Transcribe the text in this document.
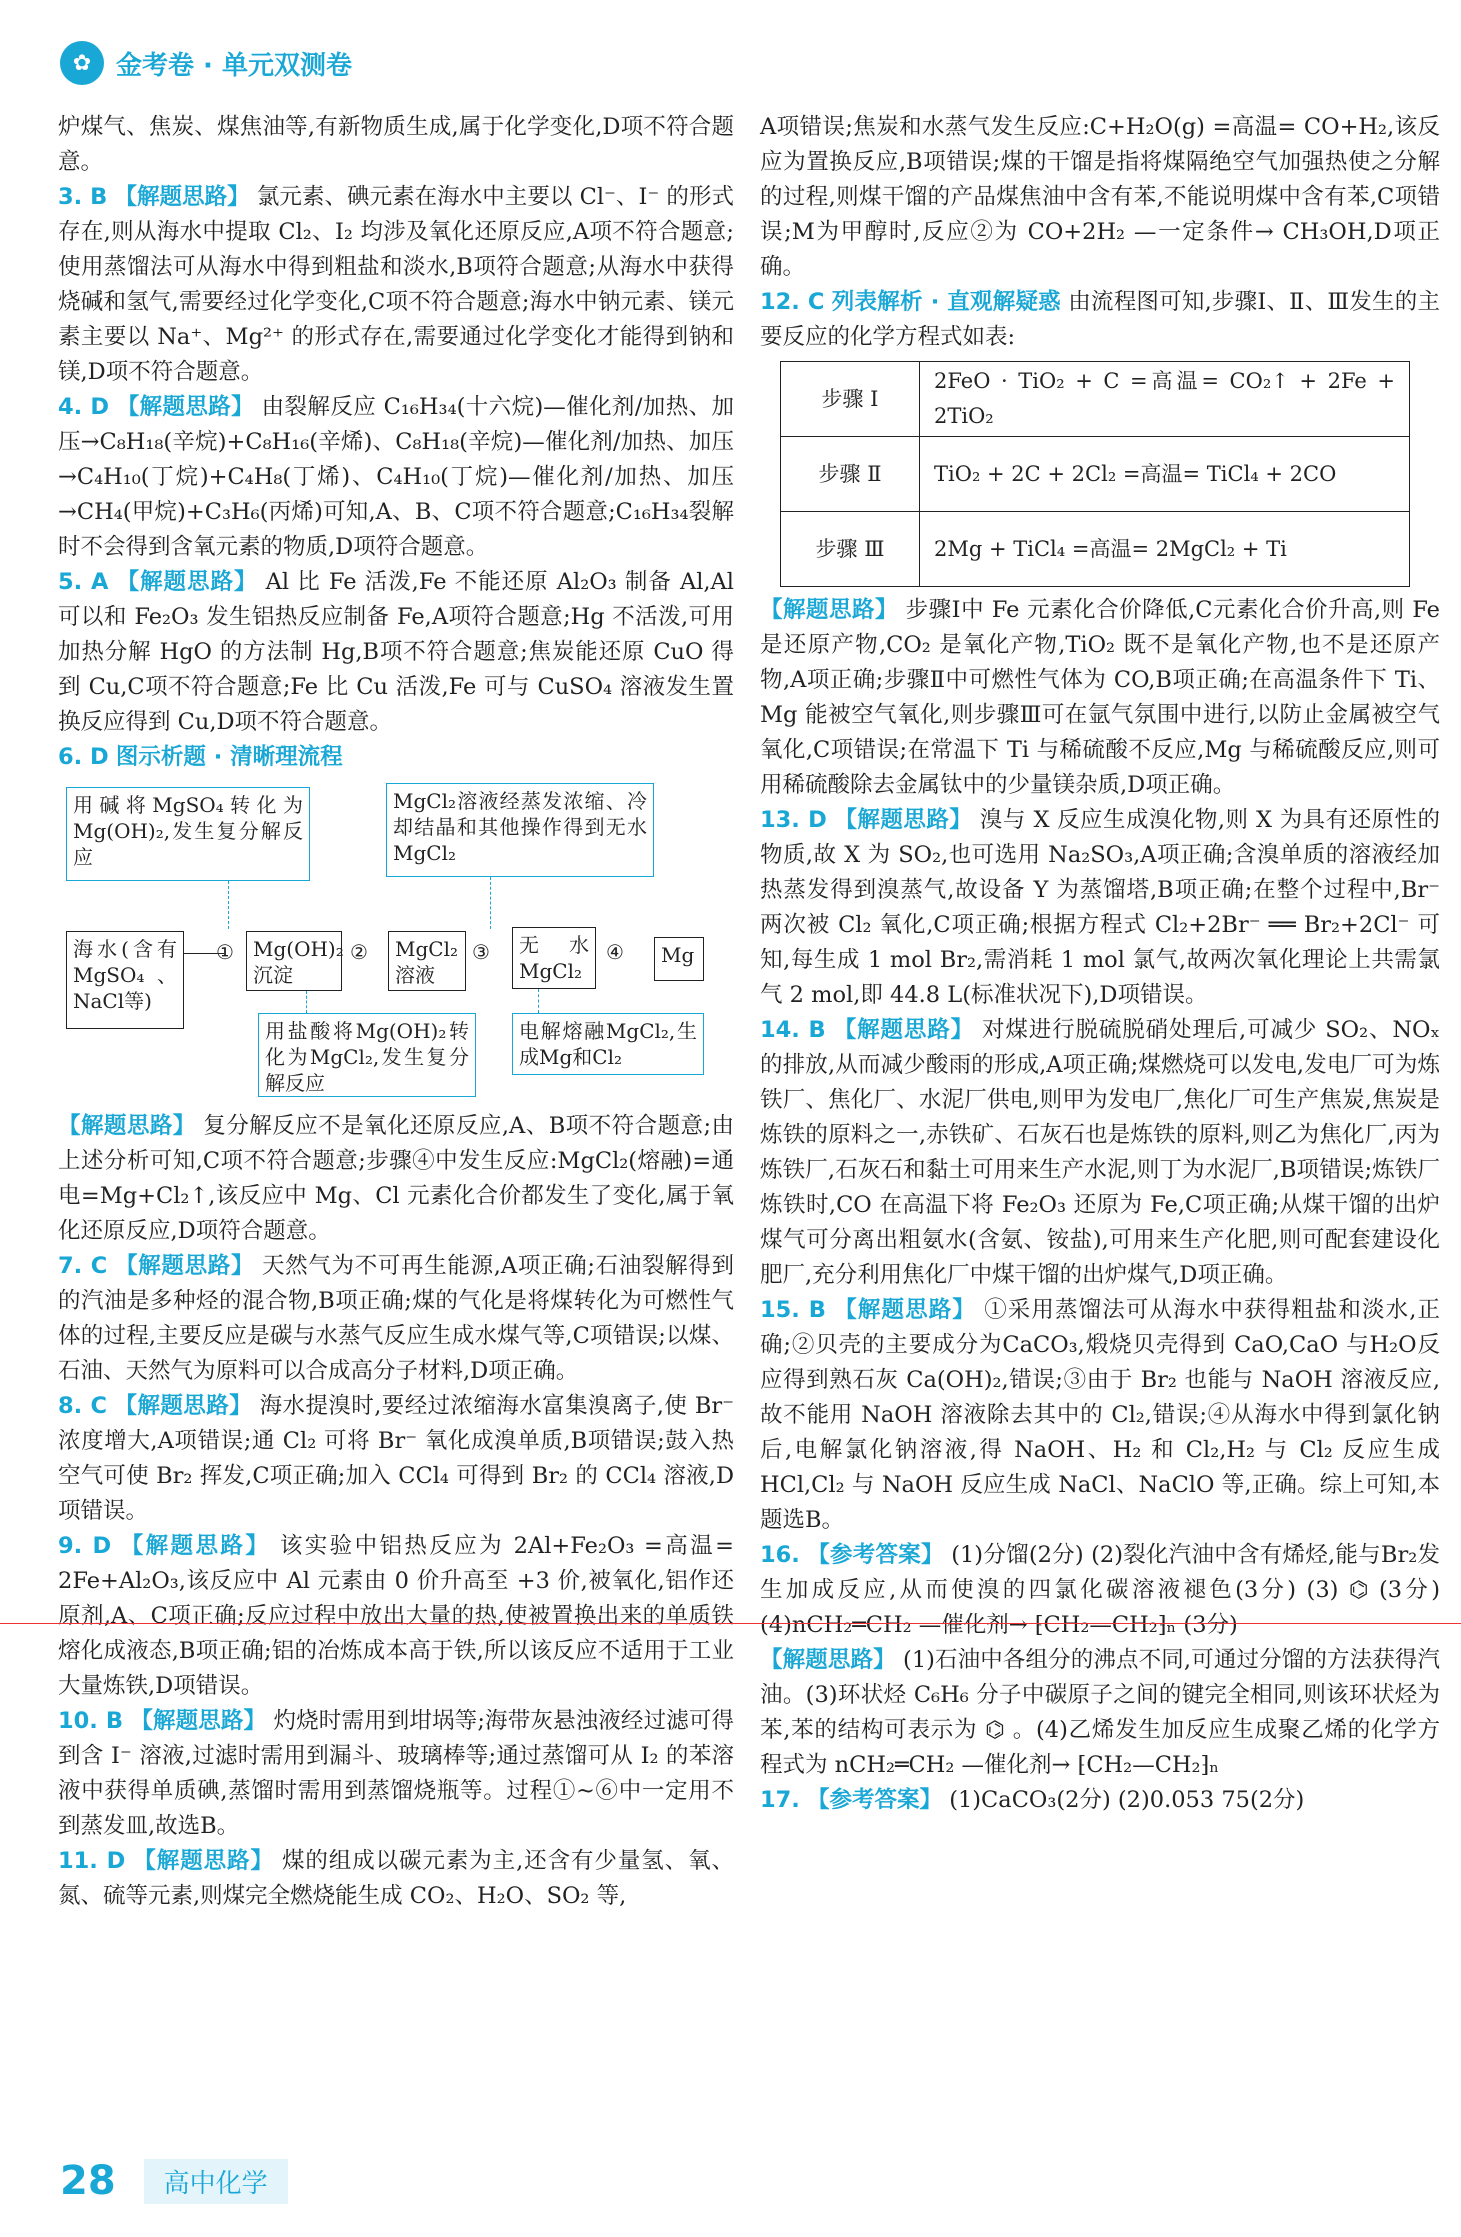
✿ 金考卷 · 单元双测卷

炉煤气、焦炭、煤焦油等,有新物质生成,属于化学变化,D项不符合题意。

3. B 【解题思路】 氯元素、碘元素在海水中主要以 Cl⁻、I⁻ 的形式存在,则从海水中提取 Cl₂、I₂ 均涉及氧化还原反应,A项不符合题意;使用蒸馏法可从海水中得到粗盐和淡水,B项符合题意;从海水中获得烧碱和氢气,需要经过化学变化,C项不符合题意;海水中钠元素、镁元素主要以 Na⁺、Mg²⁺ 的形式存在,需要通过化学变化才能得到钠和镁,D项不符合题意。

4. D 【解题思路】 由裂解反应 C₁₆H₃₄(十六烷)—催化剂/加热、加压→C₈H₁₈(辛烷)+C₈H₁₆(辛烯)、C₈H₁₈(辛烷)—催化剂/加热、加压→C₄H₁₀(丁烷)+C₄H₈(丁烯)、C₄H₁₀(丁烷)—催化剂/加热、加压→CH₄(甲烷)+C₃H₆(丙烯)可知,A、B、C项不符合题意;C₁₆H₃₄裂解时不会得到含氧元素的物质,D项符合题意。

5. A 【解题思路】 Al 比 Fe 活泼,Fe 不能还原 Al₂O₃ 制备 Al,Al 可以和 Fe₂O₃ 发生铝热反应制备 Fe,A项符合题意;Hg 不活泼,可用加热分解 HgO 的方法制 Hg,B项不符合题意;焦炭能还原 CuO 得到 Cu,C项不符合题意;Fe 比 Cu 活泼,Fe 可与 CuSO₄ 溶液发生置换反应得到 Cu,D项不符合题意。

6. D 图示析题 · 清晰理流程

用碱将MgSO₄转化为Mg(OH)₂,发生复分解反应
MgCl₂溶液经蒸发浓缩、冷却结晶和其他操作得到无水MgCl₂
海水(含有MgSO₄、NaCl等)
① Mg(OH)₂沉淀
②	MgCl₂溶液
③	无水MgCl₂
④	Mg
用盐酸将Mg(OH)₂转化为MgCl₂,发生复分解反应
电解熔融MgCl₂,生成Mg和Cl₂

【解题思路】 复分解反应不是氧化还原反应,A、B项不符合题意;由上述分析可知,C项不符合题意;步骤④中发生反应:MgCl₂(熔融)=通电=Mg+Cl₂↑,该反应中 Mg、Cl 元素化合价都发生了变化,属于氧化还原反应,D项符合题意。

7. C 【解题思路】 天然气为不可再生能源,A项正确;石油裂解得到的汽油是多种烃的混合物,B项正确;煤的气化是将煤转化为可燃性气体的过程,主要反应是碳与水蒸气反应生成水煤气等,C项错误;以煤、石油、天然气为原料可以合成高分子材料,D项正确。

8. C 【解题思路】 海水提溴时,要经过浓缩海水富集溴离子,使 Br⁻ 浓度增大,A项错误;通 Cl₂ 可将 Br⁻ 氧化成溴单质,B项错误;鼓入热空气可使 Br₂ 挥发,C项正确;加入 CCl₄ 可得到 Br₂ 的 CCl₄ 溶液,D项错误。

9. D 【解题思路】 该实验中铝热反应为 2Al+Fe₂O₃ =高温= 2Fe+Al₂O₃,该反应中 Al 元素由 0 价升高至 +3 价,被氧化,铝作还原剂,A、C项正确;反应过程中放出大量的热,使被置换出来的单质铁熔化成液态,B项正确;铝的冶炼成本高于铁,所以该反应不适用于工业大量炼铁,D项错误。

10. B 【解题思路】 灼烧时需用到坩埚等;海带灰悬浊液经过滤可得到含 I⁻ 溶液,过滤时需用到漏斗、玻璃棒等;通过蒸馏可从 I₂ 的苯溶液中获得单质碘,蒸馏时需用到蒸馏烧瓶等。过程①~⑥中一定用不到蒸发皿,故选B。

11. D 【解题思路】 煤的组成以碳元素为主,还含有少量氢、氧、氮、硫等元素,则煤完全燃烧能生成 CO₂、H₂O、SO₂ 等,

A项错误;焦炭和水蒸气发生反应:C+H₂O(g) =高温= CO+H₂,该反应为置换反应,B项错误;煤的干馏是指将煤隔绝空气加强热使之分解的过程,则煤干馏的产品煤焦油中含有苯,不能说明煤中含有苯,C项错误;M为甲醇时,反应②为 CO+2H₂ —一定条件→ CH₃OH,D项正确。

12. C 列表解析 · 直观解疑惑 由流程图可知,步骤Ⅰ、Ⅱ、Ⅲ发生的主要反应的化学方程式如表:

步骤 Ⅰ	2FeO · TiO₂ + C =高温= CO₂↑ + 2Fe + 2TiO₂
步骤 Ⅱ	TiO₂ + 2C + 2Cl₂ =高温= TiCl₄ + 2CO
步骤 Ⅲ	2Mg + TiCl₄ =高温= 2MgCl₂ + Ti

【解题思路】 步骤Ⅰ中 Fe 元素化合价降低,C元素化合价升高,则 Fe 是还原产物,CO₂ 是氧化产物,TiO₂ 既不是氧化产物,也不是还原产物,A项正确;步骤Ⅱ中可燃性气体为 CO,B项正确;在高温条件下 Ti、Mg 能被空气氧化,则步骤Ⅲ可在氩气氛围中进行,以防止金属被空气氧化,C项错误;在常温下 Ti 与稀硫酸不反应,Mg 与稀硫酸反应,则可用稀硫酸除去金属钛中的少量镁杂质,D项正确。

13. D 【解题思路】 溴与 X 反应生成溴化物,则 X 为具有还原性的物质,故 X 为 SO₂,也可选用 Na₂SO₃,A项正确;含溴单质的溶液经加热蒸发得到溴蒸气,故设备 Y 为蒸馏塔,B项正确;在整个过程中,Br⁻ 两次被 Cl₂ 氧化,C项正确;根据方程式 Cl₂+2Br⁻ ══ Br₂+2Cl⁻ 可知,每生成 1 mol Br₂,需消耗 1 mol 氯气,故两次氧化理论上共需氯气 2 mol,即 44.8 L(标准状况下),D项错误。

14. B 【解题思路】 对煤进行脱硫脱硝处理后,可减少 SO₂、NOₓ 的排放,从而减少酸雨的形成,A项正确;煤燃烧可以发电,发电厂可为炼铁厂、焦化厂、水泥厂供电,则甲为发电厂,焦化厂可生产焦炭,焦炭是炼铁的原料之一,赤铁矿、石灰石也是炼铁的原料,则乙为焦化厂,丙为炼铁厂,石灰石和黏土可用来生产水泥,则丁为水泥厂,B项错误;炼铁厂炼铁时,CO 在高温下将 Fe₂O₃ 还原为 Fe,C项正确;从煤干馏的出炉煤气可分离出粗氨水(含氨、铵盐),可用来生产化肥,则可配套建设化肥厂,充分利用焦化厂中煤干馏的出炉煤气,D项正确。

15. B 【解题思路】 ①采用蒸馏法可从海水中获得粗盐和淡水,正确;②贝壳的主要成分为CaCO₃,煅烧贝壳得到 CaO,CaO 与H₂O反应得到熟石灰 Ca(OH)₂,错误;③由于 Br₂ 也能与 NaOH 溶液反应,故不能用 NaOH 溶液除去其中的 Cl₂,错误;④从海水中得到氯化钠后,电解氯化钠溶液,得 NaOH、H₂ 和 Cl₂,H₂ 与 Cl₂ 反应生成 HCl,Cl₂ 与 NaOH 反应生成 NaCl、NaClO 等,正确。综上可知,本题选B。

16. 【参考答案】 (1)分馏(2分) (2)裂化汽油中含有烯烃,能与Br₂发生加成反应,从而使溴的四氯化碳溶液褪色(3分) (3) ⌬ (3分) (4)nCH₂═CH₂ —催化剂→ ⁅CH₂—CH₂⁆ₙ (3分)

【解题思路】 (1)石油中各组分的沸点不同,可通过分馏的方法获得汽油。(3)环状烃 C₆H₆ 分子中碳原子之间的键完全相同,则该环状烃为苯,苯的结构可表示为 ⌬ 。(4)乙烯发生加反应生成聚乙烯的化学方程式为 nCH₂═CH₂ —催化剂→ ⁅CH₂—CH₂⁆ₙ

17. 【参考答案】 (1)CaCO₃(2分) (2)0.053 75(2分)

28	高中化学
